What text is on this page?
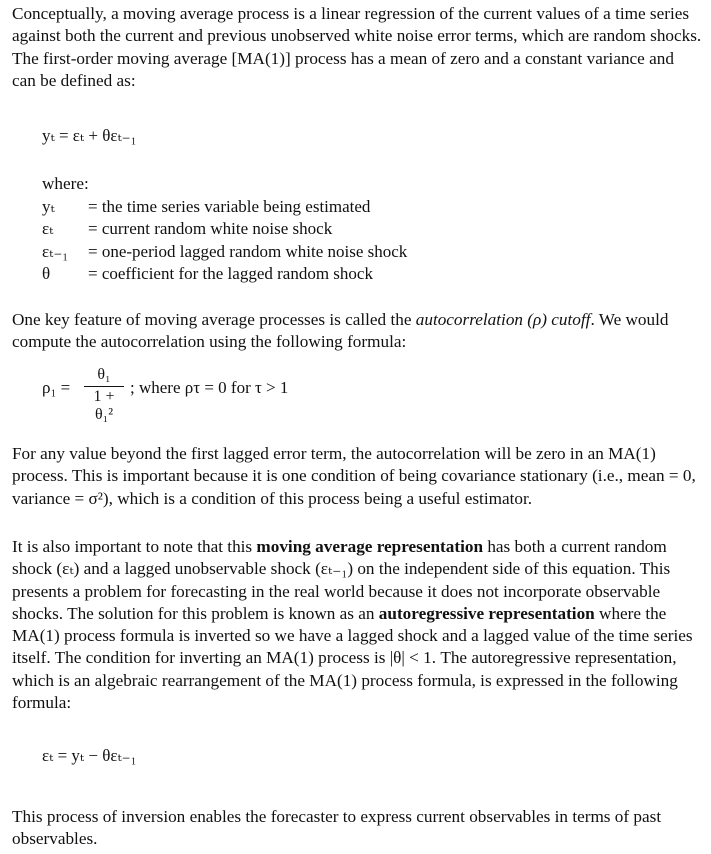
Conceptually, a moving average process is a linear regression of the current values of a time series against both the current and previous unobserved white noise error terms, which are random shocks. The first-order moving average [MA(1)] process has a mean of zero and a constant variance and can be defined as:
yₜ = εₜ + θεₜ₋₁
where:
yₜ = the time series variable being estimated
εₜ = current random white noise shock
εₜ₋₁ = one-period lagged random white noise shock
θ = coefficient for the lagged random shock
One key feature of moving average processes is called the autocorrelation (ρ) cutoff. We would compute the autocorrelation using the following formula:
ρ₁ =
θ₁
1 + θ₁²
; where ρτ = 0 for τ > 1
For any value beyond the first lagged error term, the autocorrelation will be zero in an MA(1) process. This is important because it is one condition of being covariance stationary (i.e., mean = 0, variance = σ²), which is a condition of this process being a useful estimator.
It is also important to note that this moving average representation has both a current random shock (εₜ) and a lagged unobservable shock (εₜ₋₁) on the independent side of this equation. This presents a problem for forecasting in the real world because it does not incorporate observable shocks. The solution for this problem is known as an autoregressive representation where the MA(1) process formula is inverted so we have a lagged shock and a lagged value of the time series itself. The condition for inverting an MA(1) process is |θ| < 1. The autoregressive representation, which is an algebraic rearrangement of the MA(1) process formula, is expressed in the following formula:
εₜ = yₜ − θεₜ₋₁
This process of inversion enables the forecaster to express current observables in terms of past observables.
